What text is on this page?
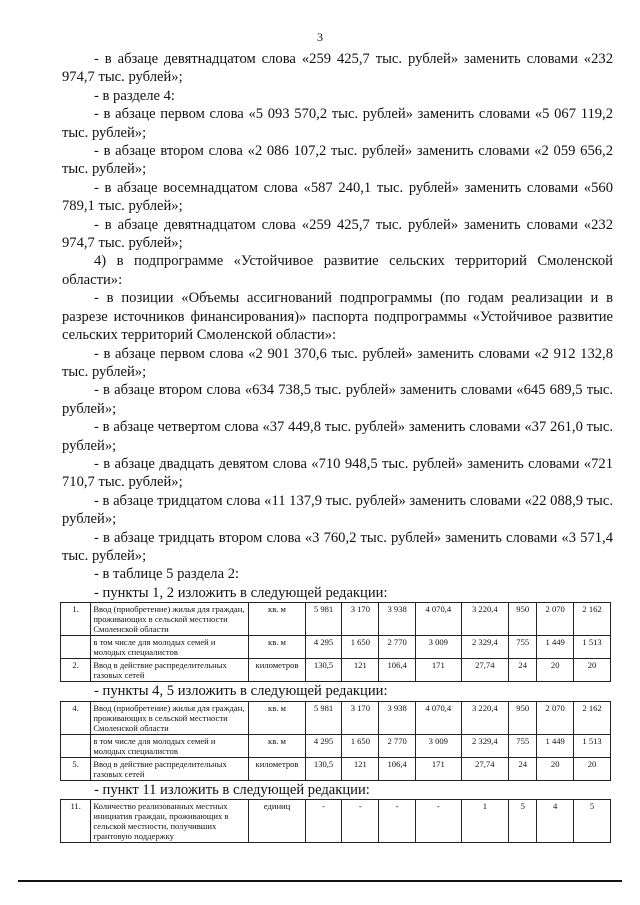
3

- в абзаце девятнадцатом слова «259 425,7 тыс. рублей» заменить словами «232 974,7 тыс. рублей»;

- в разделе 4:

- в абзаце первом слова «5 093 570,2 тыс. рублей» заменить словами «5 067 119,2 тыс. рублей»;

- в абзаце втором слова «2 086 107,2 тыс. рублей» заменить словами «2 059 656,2 тыс. рублей»;

- в абзаце восемнадцатом слова «587 240,1 тыс. рублей» заменить словами «560 789,1 тыс. рублей»;

- в абзаце девятнадцатом слова «259 425,7 тыс. рублей» заменить словами «232 974,7 тыс. рублей»;

4) в подпрограмме «Устойчивое развитие сельских территорий Смоленской области»:

- в позиции «Объемы ассигнований подпрограммы (по годам реализации и в разрезе источников финансирования)» паспорта подпрограммы «Устойчивое развитие сельских территорий Смоленской области»:

- в абзаце первом слова «2 901 370,6 тыс. рублей» заменить словами «2 912 132,8 тыс. рублей»;

- в абзаце втором слова «634 738,5 тыс. рублей» заменить словами «645 689,5 тыс. рублей»;

- в абзаце четвертом слова «37 449,8 тыс. рублей» заменить словами «37 261,0 тыс. рублей»;

- в абзаце двадцать девятом слова «710 948,5 тыс. рублей» заменить словами «721 710,7 тыс. рублей»;

- в абзаце тридцатом слова «11 137,9 тыс. рублей» заменить словами «22 088,9 тыс. рублей»;

- в абзаце тридцать втором слова «3 760,2 тыс. рублей» заменить словами «3 571,4 тыс. рублей»;

- в таблице 5 раздела 2:

- пункты 1, 2 изложить в следующей редакции:

1.	Ввод (приобретение) жилья для граждан, проживающих в сельской местности Смоленской области	кв. м	5 981	3 170	3 938	4 070,4	3 220,4	950	2 070	2 162
	в том числе для молодых семей и молодых специалистов	кв. м	4 295	1 650	2 770	3 009	2 329,4	755	1 449	1 513
2.	Ввод в действие распределительных газовых сетей	километров	130,5	121	106,4	171	27,74	24	20	20

- пункты 4, 5 изложить в следующей редакции:

4.	Ввод (приобретение) жилья для граждан, проживающих в сельской местности Смоленской области	кв. м	5 981	3 170	3 938	4 070,4	3 220,4	950	2 070	2 162
	в том числе для молодых семей и молодых специалистов	кв. м	4 295	1 650	2 770	3 009	2 329,4	755	1 449	1 513
5.	Ввод в действие распределительных газовых сетей	километров	130,5	121	106,4	171	27,74	24	20	20

- пункт 11 изложить в следующей редакции:

11.	Количество реализованных местных инициатив граждан, проживающих в сельской местности, получивших грантовую поддержку	единиц	-	-	-	-	1	5	4	5
